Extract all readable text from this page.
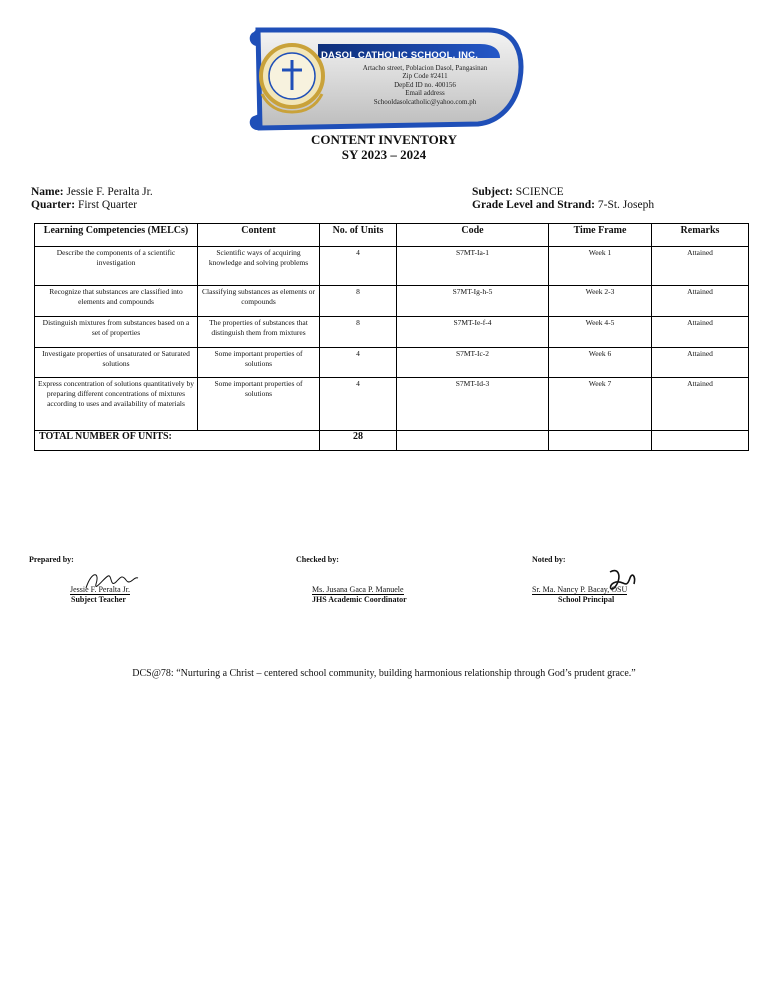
DASOL CATHOLIC SCHOOL, INC.
Artacho street, Poblacion Dasol, Pangasinan
Zip Code #2411
DepEd ID no. 400156
Email address
Schooldasolcatholic@yahoo.com.ph
CONTENT INVENTORY
SY 2023 – 2024
Name: Jessie F. Peralta Jr.
Quarter: First Quarter
Subject: SCIENCE
Grade Level and Strand: 7-St. Joseph
Learning Competencies (MELCs)	Content	No. of Units	Code	Time Frame	Remarks
Describe the components of a scientific investigation	Scientific ways of acquiring knowledge and solving problems	4	S7MT-Ia-1	Week 1	Attained
Recognize that substances are classified into elements and compounds	Classifying substances as elements or compounds	8	S7MT-Ig-h-5	Week 2-3	Attained
Distinguish mixtures from substances based on a set of properties	The properties of substances that distinguish them from mixtures	8	S7MT-Ie-f-4	Week 4-5	Attained
Investigate properties of unsaturated or Saturated solutions	Some important properties of solutions	4	S7MT-Ic-2	Week 6	Attained
Express concentration of solutions quantitatively by preparing different concentrations of mixtures according to uses and availability of materials	Some important properties of solutions	4	S7MT-Id-3	Week 7	Attained
TOTAL NUMBER OF UNITS:		28			
Prepared by:	Checked by:	Noted by:
Jessie F. Peralta Jr.
Subject Teacher
Ms. Jusana Gaca P. Manuele
JHS Academic Coordinator
Sr. Ma. Nancy P. Bacay, OSU
School Principal
DCS@78: “Nurturing a Christ – centered school community, building harmonious relationship through God’s prudent grace.”
